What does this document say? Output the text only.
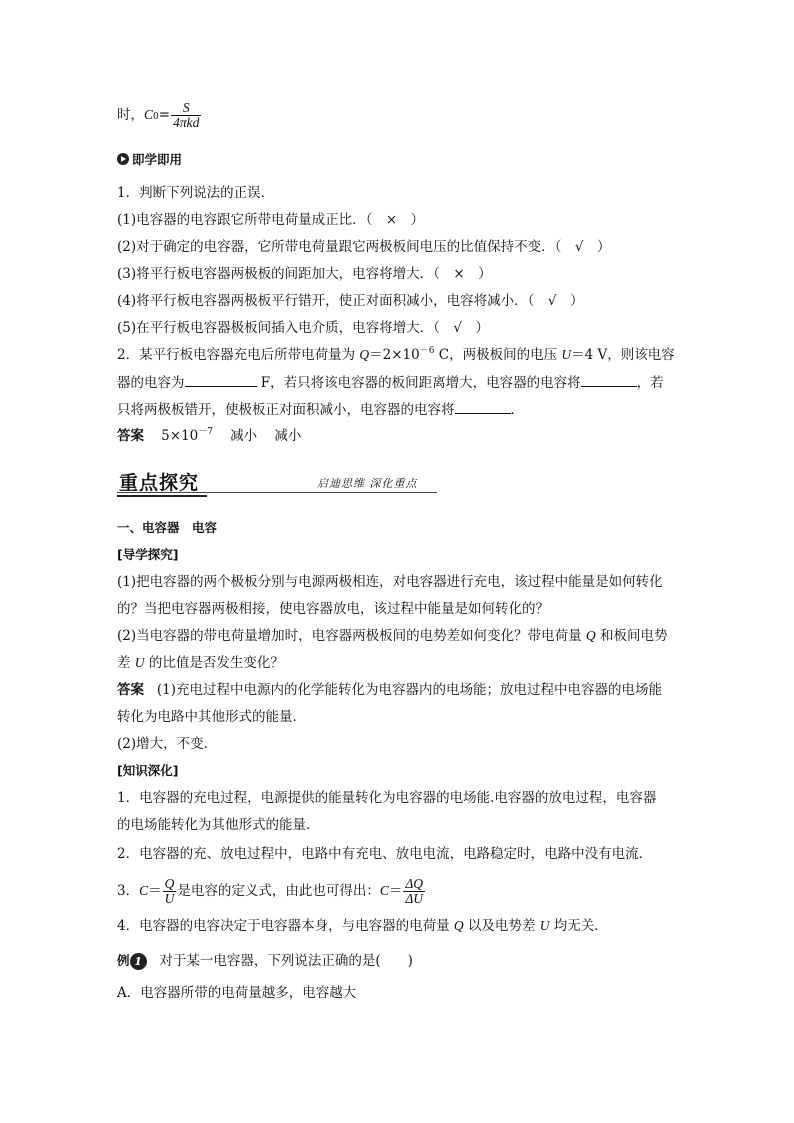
时，$C0= \frac{S}{\text{4πkd}}$
即学即用
1．判断下列说法的正误．
(1)电容器的电容跟它所带电荷量成正比．（　×　）
(2)对于确定的电容器，它所带电荷量跟它两极板间电压的比值保持不变．（　√　）
(3)将平行板电容器两极板的间距加大，电容将增大．（　×　）
(4)将平行板电容器两极板平行错开，使正对面积减小，电容将减小．（　√　）
(5)在平行板电容器极板间插入电介质，电容将增大．（　√　）
2．某平行板电容器充电后所带电荷量为 $Q=2\times 10^{-6}$ C，两极板间的电压 U＝4 V，则该电容
器的电容为	F，若只将该电容器的板间距离增大，电容器的电容将	，若
只将两极板错开，使极板正对面积减小，电容器的电容将	．
答案 $5\times 10^{-7}$ 减小 减小
重点探究	启迪思维 深化重点
一、电容器　电容
[导学探究]
(1)把电容器的两个极板分别与电源两极相连，对电容器进行充电，该过程中能量是如何转化
的？当把电容器两极相接，使电容器放电，该过程中能量是如何转化的？
(2)当电容器的带电荷量增加时，电容器两极板间的电势差如何变化？带电荷量 Q 和板间电势
差 U 的比值是否发生变化？
答案 (1)充电过程中电源内的化学能转化为电容器内的电场能；放电过程中电容器的电场能
转化为电路中其他形式的能量．
(2)增大，不变．
[知识深化]
1．电容器的充电过程，电源提供的能量转化为电容器的电场能.电容器的放电过程，电容器
的电场能转化为其他形式的能量．
2．电容器的充、放电过程中，电路中有充电、放电电流，电路稳定时，电路中没有电流．
3．$C= \frac{Q}{U}$ 是电容的定义式，由此也可得出：$C= \frac{\Delta Q}{\Delta U}$
4．电容器的电容决定于电容器本身，与电容器的电荷量 Q 以及电势差 U 均无关．
例 1 对于某一电容器，下列说法正确的是(　　)
A．电容器所带的电荷量越多，电容越大
